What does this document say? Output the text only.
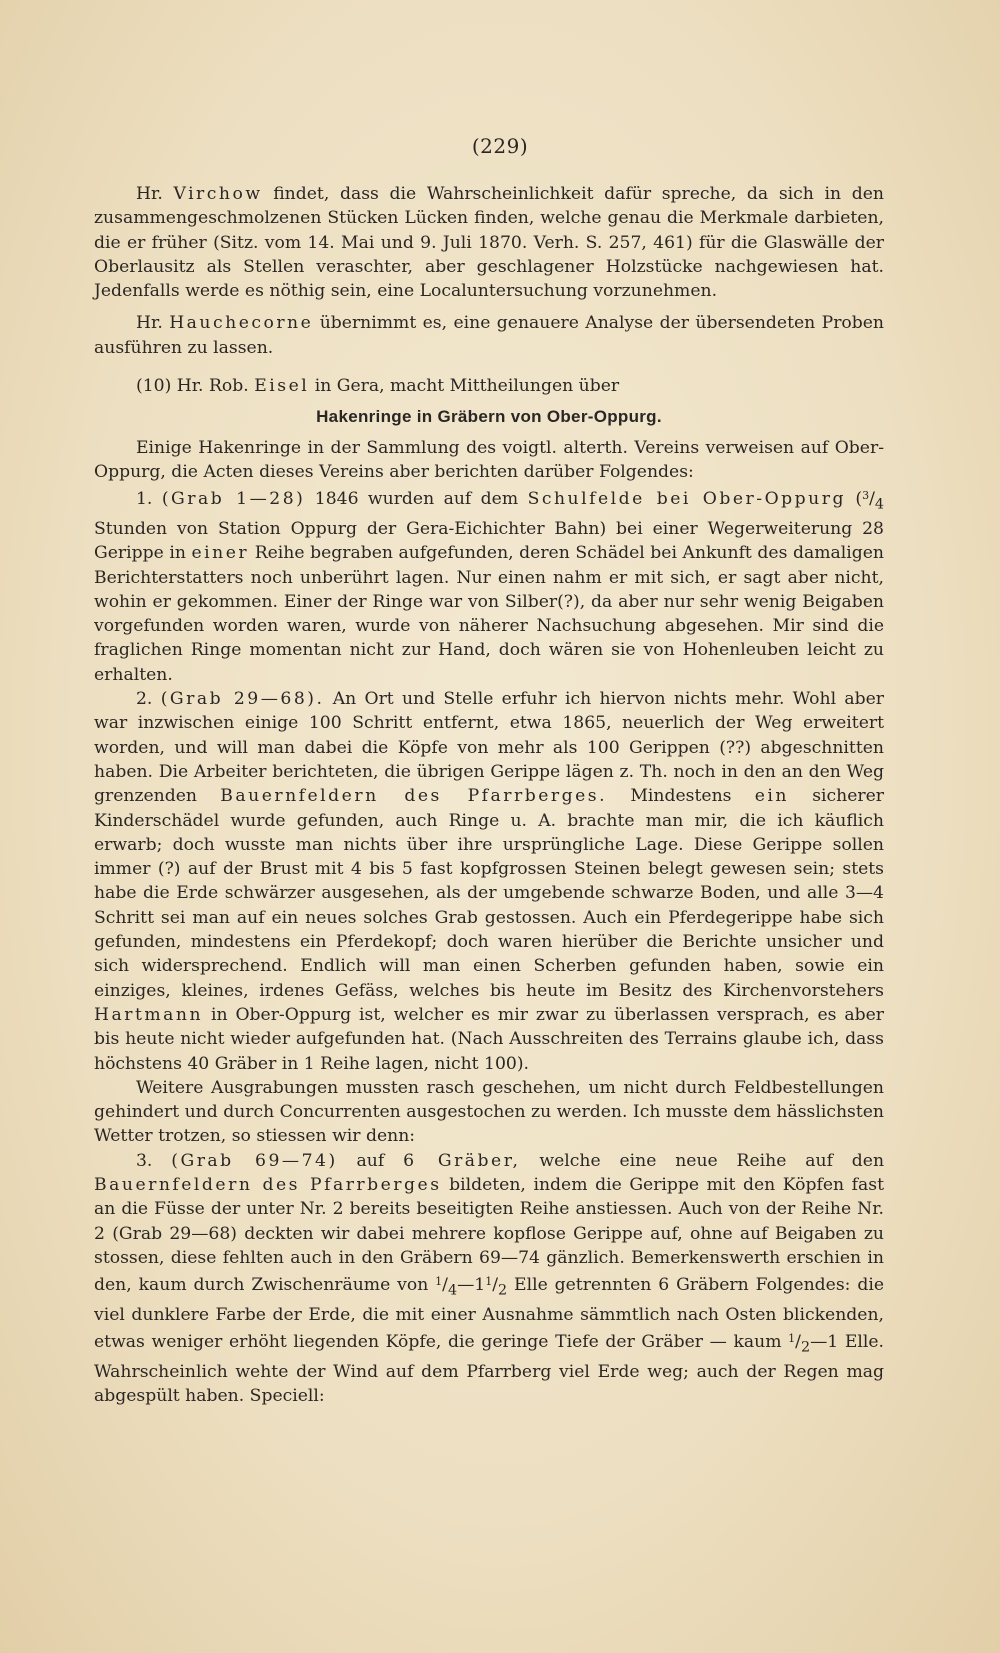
(229)

Hr. Virchow findet, dass die Wahrscheinlichkeit dafür spreche, da sich in den zusammengeschmolzenen Stücken Lücken finden, welche genau die Merkmale darbieten, die er früher (Sitz. vom 14. Mai und 9. Juli 1870. Verh. S. 257, 461) für die Glaswälle der Oberlausitz als Stellen veraschter, aber geschlagener Holzstücke nachgewiesen hat. Jedenfalls werde es nöthig sein, eine Localuntersuchung vorzunehmen.

Hr. Hauchecorne übernimmt es, eine genauere Analyse der übersendeten Proben ausführen zu lassen.

(10) Hr. Rob. Eisel in Gera, macht Mittheilungen über

Hakenringe in Gräbern von Ober-Oppurg.

Einige Hakenringe in der Sammlung des voigtl. alterth. Vereins verweisen auf Ober-Oppurg, die Acten dieses Vereins aber berichten darüber Folgendes:

1. (Grab 1—28) 1846 wurden auf dem Schulfelde bei Ober-Oppurg ($^3/_4$ Stunden von Station Oppurg der Gera-Eichichter Bahn) bei einer Wegerweiterung 28 Gerippe in einer Reihe begraben aufgefunden, deren Schädel bei Ankunft des damaligen Berichterstatters noch unberührt lagen. Nur einen nahm er mit sich, er sagt aber nicht, wohin er gekommen. Einer der Ringe war von Silber(?), da aber nur sehr wenig Beigaben vorgefunden worden waren, wurde von näherer Nachsuchung abgesehen. Mir sind die fraglichen Ringe momentan nicht zur Hand, doch wären sie von Hohenleuben leicht zu erhalten.

2. (Grab 29—68). An Ort und Stelle erfuhr ich hiervon nichts mehr. Wohl aber war inzwischen einige 100 Schritt entfernt, etwa 1865, neuerlich der Weg erweitert worden, und will man dabei die Köpfe von mehr als 100 Gerippen (??) abgeschnitten haben. Die Arbeiter berichteten, die übrigen Gerippe lägen z. Th. noch in den an den Weg grenzenden Bauernfeldern des Pfarrberges. Mindestens ein sicherer Kinderschädel wurde gefunden, auch Ringe u. A. brachte man mir, die ich käuflich erwarb; doch wusste man nichts über ihre ursprüngliche Lage. Diese Gerippe sollen immer (?) auf der Brust mit 4 bis 5 fast kopfgrossen Steinen belegt gewesen sein; stets habe die Erde schwärzer ausgesehen, als der umgebende schwarze Boden, und alle 3—4 Schritt sei man auf ein neues solches Grab gestossen. Auch ein Pferdegerippe habe sich gefunden, mindestens ein Pferdekopf; doch waren hierüber die Berichte unsicher und sich widersprechend. Endlich will man einen Scherben gefunden haben, sowie ein einziges, kleines, irdenes Gefäss, welches bis heute im Besitz des Kirchenvorstehers Hartmann in Ober-Oppurg ist, welcher es mir zwar zu überlassen versprach, es aber bis heute nicht wieder aufgefunden hat. (Nach Ausschreiten des Terrains glaube ich, dass höchstens 40 Gräber in 1 Reihe lagen, nicht 100).

Weitere Ausgrabungen mussten rasch geschehen, um nicht durch Feldbestellungen gehindert und durch Concurrenten ausgestochen zu werden. Ich musste dem hässlichsten Wetter trotzen, so stiessen wir denn:

3. (Grab 69—74) auf 6 Gräber, welche eine neue Reihe auf den Bauernfeldern des Pfarrberges bildeten, indem die Gerippe mit den Köpfen fast an die Füsse der unter Nr. 2 bereits beseitigten Reihe anstiessen. Auch von der Reihe Nr. 2 (Grab 29—68) deckten wir dabei mehrere kopflose Gerippe auf, ohne auf Beigaben zu stossen, diese fehlten auch in den Gräbern 69—74 gänzlich. Bemerkenswerth erschien in den, kaum durch Zwischenräume von $^1/_4—1^1/_2$ Elle getrennten 6 Gräbern Folgendes: die viel dunklere Farbe der Erde, die mit einer Ausnahme sämmtlich nach Osten blickenden, etwas weniger erhöht liegenden Köpfe, die geringe Tiefe der Gräber — kaum $^1/_2—1$ Elle. Wahrscheinlich wehte der Wind auf dem Pfarrberg viel Erde weg; auch der Regen mag abgespült haben. Speciell:
